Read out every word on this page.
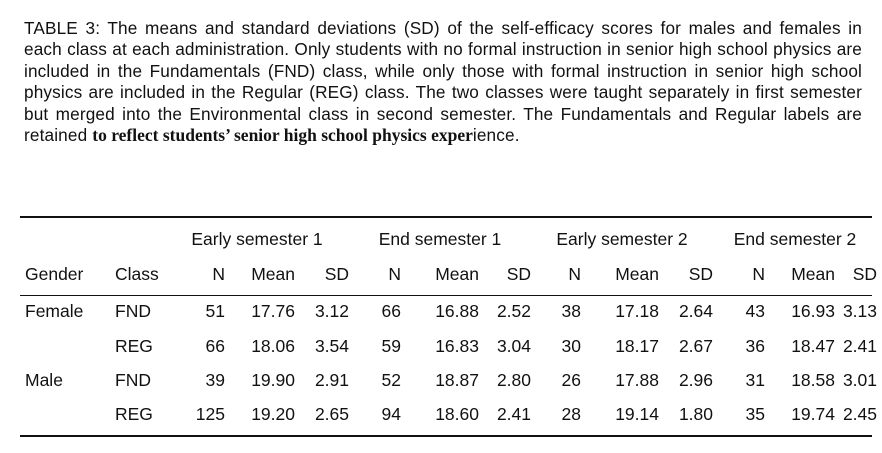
TABLE 3: The means and standard deviations (SD) of the self-efficacy scores for males and females in each class at each administration. Only students with no formal instruction in senior high school physics are included in the Fundamentals (FND) class, while only those with formal instruction in senior high school physics are included in the Regular (REG) class. The two classes were taught separately in first semester but merged into the Environmental class in second semester. The Fundamentals and Regular labels are retained to reflect students’ senior high school physics experience.
		Early semester 1			End semester 1			Early semester 2			End semester 2		
Gender	Class	N	Mean	SD	N	Mean	SD	N	Mean	SD	N	Mean	SD
Female	FND	51	17.76	3.12	66	16.88	2.52	38	17.18	2.64	43	16.93	3.13
	REG	66	18.06	3.54	59	16.83	3.04	30	18.17	2.67	36	18.47	2.41
Male	FND	39	19.90	2.91	52	18.87	2.80	26	17.88	2.96	31	18.58	3.01
	REG	125	19.20	2.65	94	18.60	2.41	28	19.14	1.80	35	19.74	2.45
